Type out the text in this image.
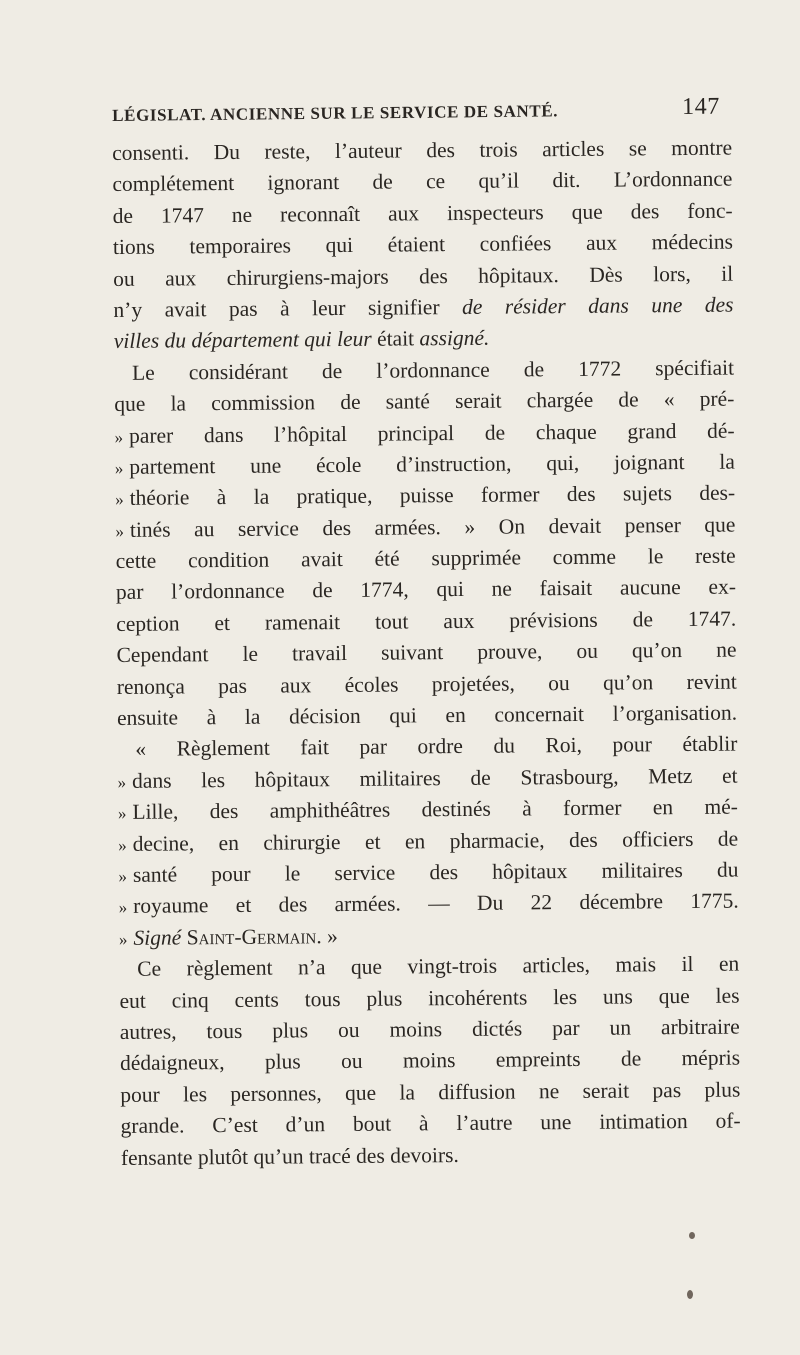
LÉGISLAT. ANCIENNE SUR LE SERVICE DE SANTÉ.	147
consenti. Du reste, l’auteur des trois articles se montre
complétement ignorant de ce qu’il dit. L’ordonnance
de 1747 ne reconnaît aux inspecteurs que des fonc-
tions temporaires qui étaient confiées aux médecins
ou aux chirurgiens-majors des hôpitaux. Dès lors, il
n’y avait pas à leur signifier de résider dans une des
villes du département qui leur était assigné.
Le considérant de l’ordonnance de 1772 spécifiait
que la commission de santé serait chargée de « pré-
» parer dans l’hôpital principal de chaque grand dé-
» partement une école d’instruction, qui, joignant la
» théorie à la pratique, puisse former des sujets des-
» tinés au service des armées. » On devait penser que
cette condition avait été supprimée comme le reste
par l’ordonnance de 1774, qui ne faisait aucune ex-
ception et ramenait tout aux prévisions de 1747.
Cependant le travail suivant prouve, ou qu’on ne
renonça pas aux écoles projetées, ou qu’on revint
ensuite à la décision qui en concernait l’organisation.
« Règlement fait par ordre du Roi, pour établir
» dans les hôpitaux militaires de Strasbourg, Metz et
» Lille, des amphithéâtres destinés à former en mé-
» decine, en chirurgie et en pharmacie, des officiers de
» santé pour le service des hôpitaux militaires du
» royaume et des armées. — Du 22 décembre 1775.
» Signé Saint-Germain. »
Ce règlement n’a que vingt-trois articles, mais il en
eut cinq cents tous plus incohérents les uns que les
autres, tous plus ou moins dictés par un arbitraire
dédaigneux, plus ou moins empreints de mépris
pour les personnes, que la diffusion ne serait pas plus
grande. C’est d’un bout à l’autre une intimation of-
fensante plutôt qu’un tracé des devoirs.
